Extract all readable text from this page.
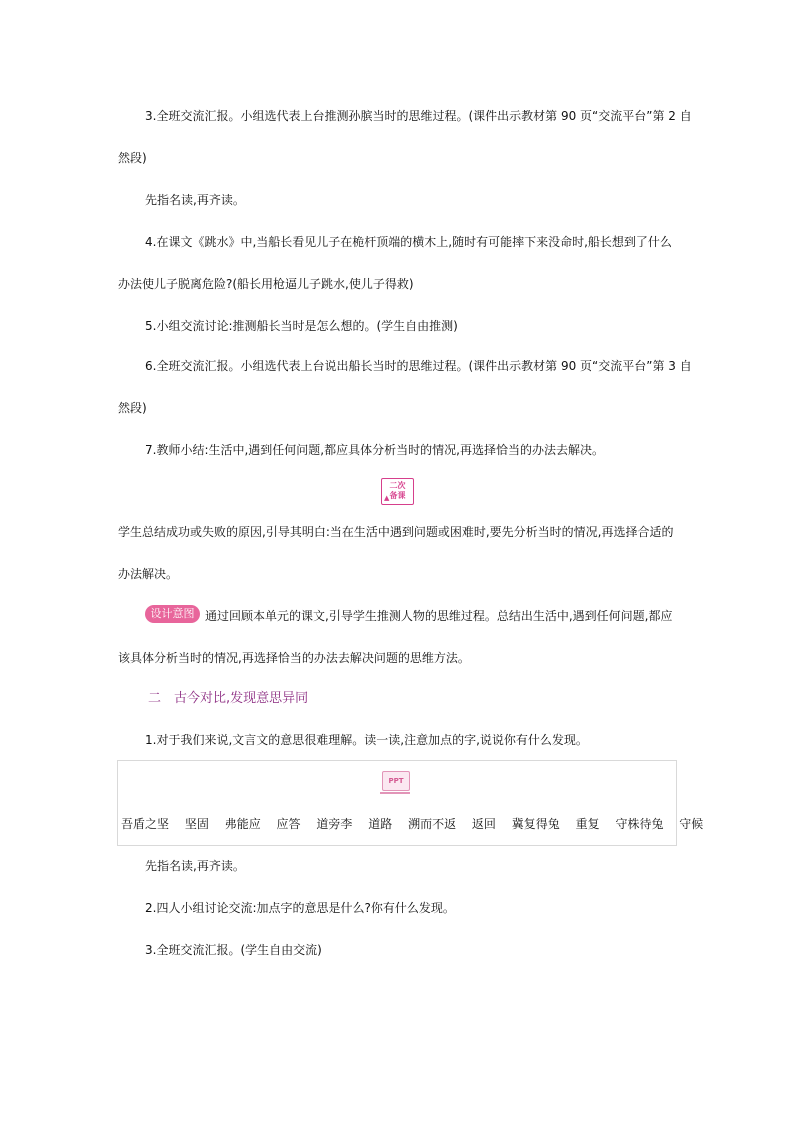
3.全班交流汇报。小组选代表上台推测孙膑当时的思维过程。(课件出示教材第 90 页“交流平台”第 2 自
然段)
先指名读,再齐读。
4.在课文《跳水》中,当船长看见儿子在桅杆顶端的横木上,随时有可能摔下来没命时,船长想到了什么
办法使儿子脱离危险?(船长用枪逼儿子跳水,使儿子得救)
5.小组交流讨论:推测船长当时是怎么想的。(学生自由推测)
6.全班交流汇报。小组选代表上台说出船长当时的思维过程。(课件出示教材第 90 页“交流平台”第 3 自
然段)
7.教师小结:生活中,遇到任何问题,都应具体分析当时的情况,再选择恰当的办法去解决。
二次
备课
▲
学生总结成功或失败的原因,引导其明白:当在生活中遇到问题或困难时,要先分析当时的情况,再选择合适的
办法解决。
设计意图 通过回顾本单元的课文,引导学生推测人物的思维过程。总结出生活中,遇到任何问题,都应
该具体分析当时的情况,再选择恰当的办法去解决问题的思维方法。
二　古今对比,发现意思异同
1.对于我们来说,文言文的意思很难理解。读一读,注意加点的字,说说你有什么发现。
PPT
吾盾之坚 坚固 弗能应 应答 道旁李 道路 溯而不返 返回 冀复得兔 重复 守株待兔 守候
先指名读,再齐读。
2.四人小组讨论交流:加点字的意思是什么?你有什么发现。
3.全班交流汇报。(学生自由交流)
